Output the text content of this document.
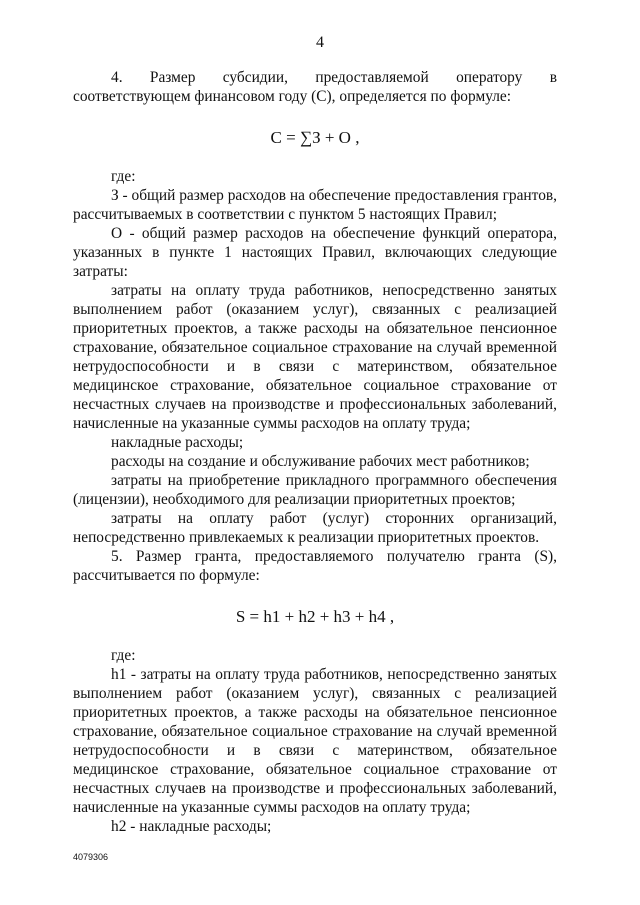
4

4. Размер субсидии, предоставляемой оператору в соответствующем финансовом году (С), определяется по формуле:

С = ∑З + О ,

где:

З - общий размер расходов на обеспечение предоставления грантов, рассчитываемых в соответствии с пунктом 5 настоящих Правил;

О - общий размер расходов на обеспечение функций оператора, указанных в пункте 1 настоящих Правил, включающих следующие затраты:

затраты на оплату труда работников, непосредственно занятых выполнением работ (оказанием услуг), связанных с реализацией приоритетных проектов, а также расходы на обязательное пенсионное страхование, обязательное социальное страхование на случай временной нетрудоспособности и в связи с материнством, обязательное медицинское страхование, обязательное социальное страхование от несчастных случаев на производстве и профессиональных заболеваний, начисленные на указанные суммы расходов на оплату труда;

накладные расходы;

расходы на создание и обслуживание рабочих мест работников;

затраты на приобретение прикладного программного обеспечения (лицензии), необходимого для реализации приоритетных проектов;

затраты на оплату работ (услуг) сторонних организаций, непосредственно привлекаемых к реализации приоритетных проектов.

5. Размер гранта, предоставляемого получателю гранта (S), рассчитывается по формуле:

S = h1 + h2 + h3 + h4 ,

где:

h1 - затраты на оплату труда работников, непосредственно занятых выполнением работ (оказанием услуг), связанных с реализацией приоритетных проектов, а также расходы на обязательное пенсионное страхование, обязательное социальное страхование на случай временной нетрудоспособности и в связи с материнством, обязательное медицинское страхование, обязательное социальное страхование от несчастных случаев на производстве и профессиональных заболеваний, начисленные на указанные суммы расходов на оплату труда;

h2 - накладные расходы;

4079306
